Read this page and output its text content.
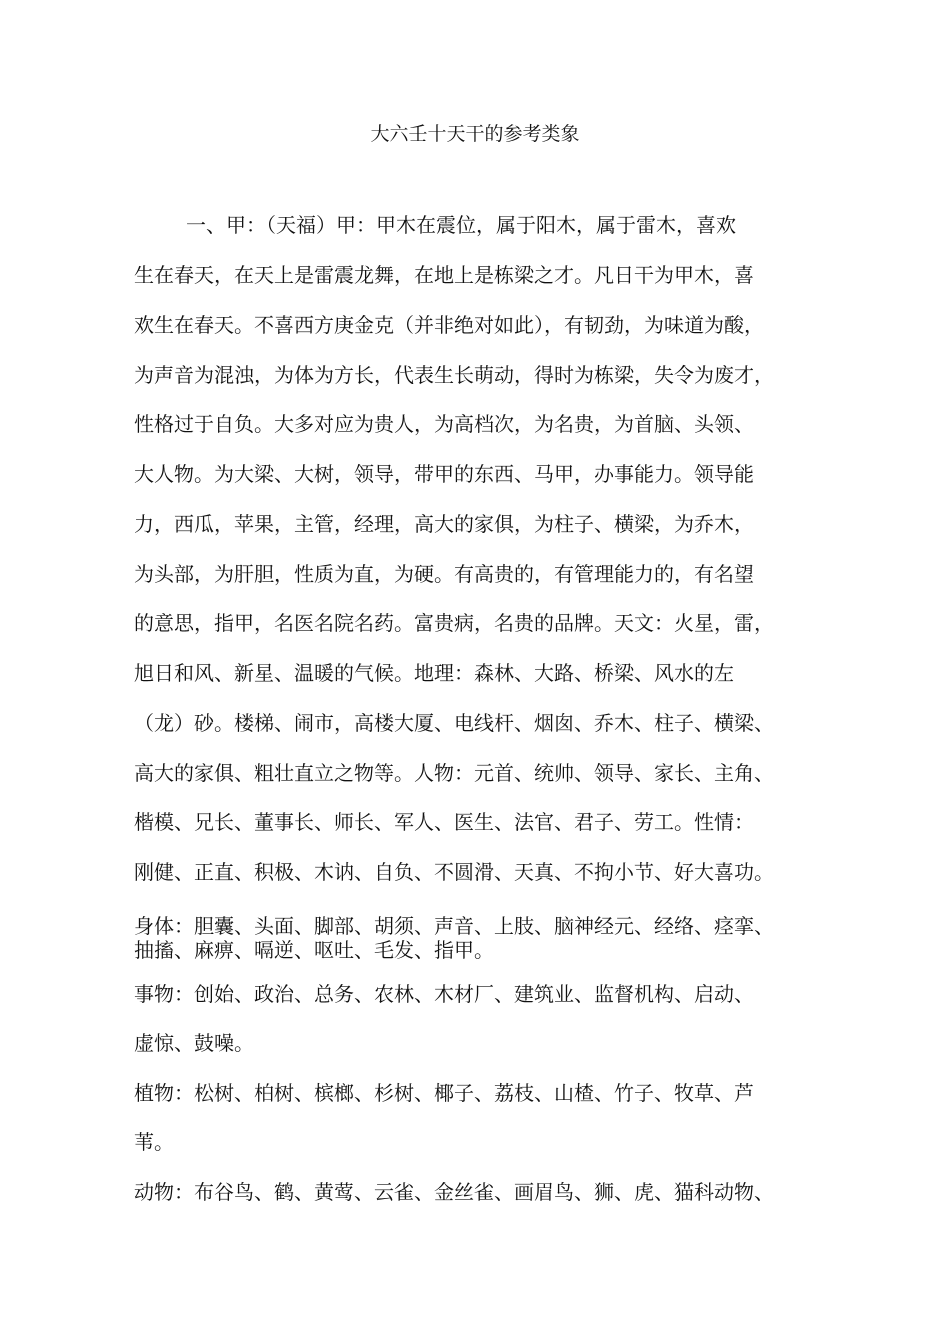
大六壬十天干的参考类象
一、甲：（天福）甲：甲木在震位，属于阳木，属于雷木，喜欢
生在春天，在天上是雷震龙舞，在地上是栋梁之才。凡日干为甲木，喜
欢生在春天。不喜西方庚金克（并非绝对如此），有韧劲，为味道为酸，
为声音为混浊，为体为方长，代表生长萌动，得时为栋梁，失令为废才，
性格过于自负。大多对应为贵人，为高档次，为名贵，为首脑、头领、
大人物。为大梁、大树，领导，带甲的东西、马甲，办事能力。领导能
力，西瓜，苹果，主管，经理，高大的家俱，为柱子、横梁，为乔木，
为头部，为肝胆，性质为直，为硬。有高贵的，有管理能力的，有名望
的意思，指甲，名医名院名药。富贵病，名贵的品牌。天文：火星，雷，
旭日和风、新星、温暖的气候。地理：森林、大路、桥梁、风水的左
（龙）砂。楼梯、闹市，高楼大厦、电线杆、烟囱、乔木、柱子、横梁、
高大的家俱、粗壮直立之物等。人物：元首、统帅、领导、家长、主角、
楷模、兄长、董事长、师长、军人、医生、法官、君子、劳工。性情：
刚健、正直、积极、木讷、自负、不圆滑、天真、不拘小节、好大喜功。
身体：胆囊、头面、脚部、胡须、声音、上肢、脑神经元、经络、痉挛、
抽搐、麻痹、嗝逆、呕吐、毛发、指甲。
事物：创始、政治、总务、农林、木材厂、建筑业、监督机构、启动、
虚惊、鼓噪。
植物：松树、柏树、槟榔、杉树、椰子、荔枝、山楂、竹子、牧草、芦
苇。
动物：布谷鸟、鹤、黄莺、云雀、金丝雀、画眉鸟、狮、虎、猫科动物、
